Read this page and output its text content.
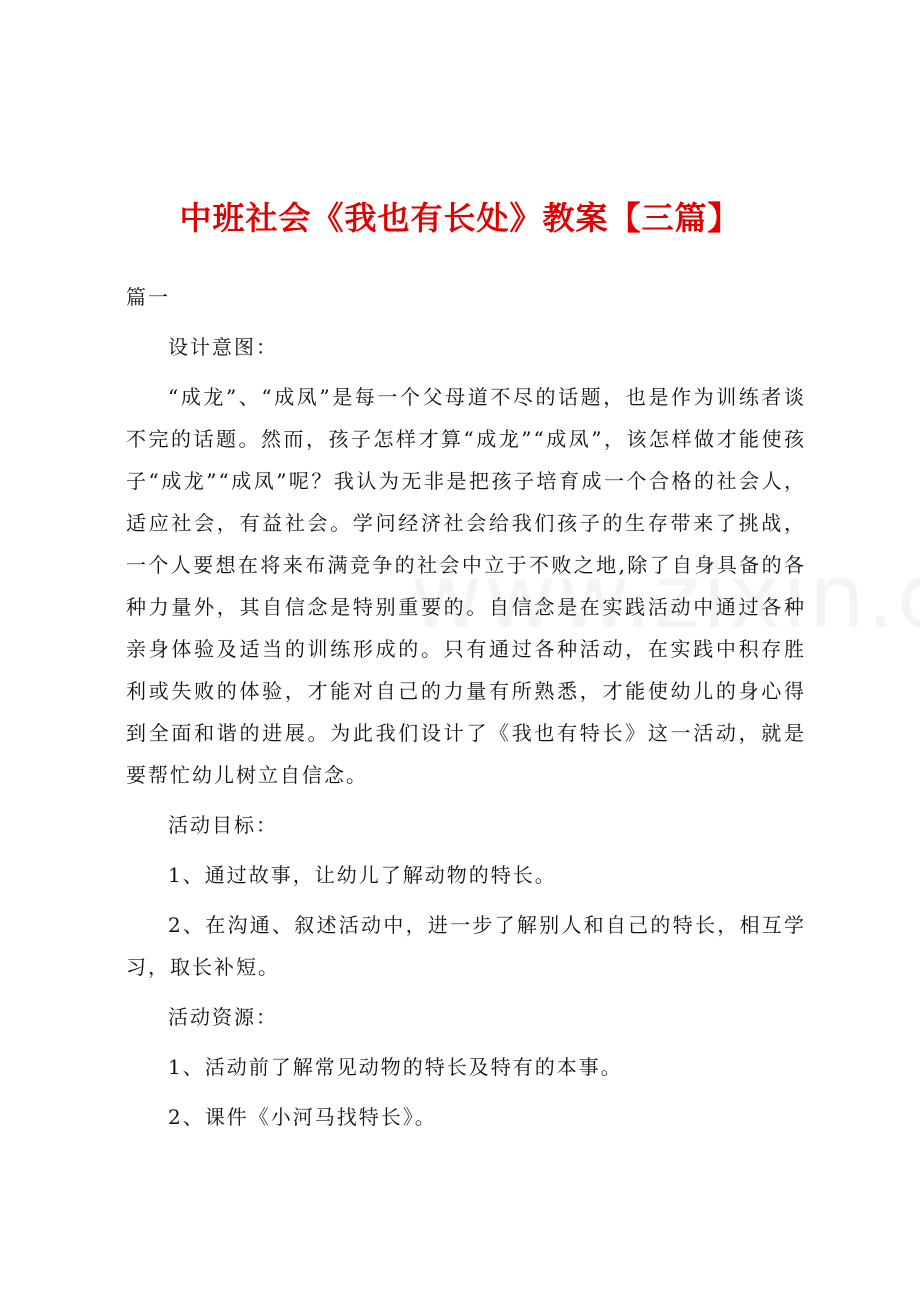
中班社会《我也有长处》教案【三篇】

篇一

设计意图：

“成龙”、“成凤”是每一个父母道不尽的话题，也是作为训练者谈不完的话题。然而，孩子怎样才算“成龙”“成凤”，该怎样做才能使孩子“成龙”“成凤”呢？我认为无非是把孩子培育成一个合格的社会人，适应社会，有益社会。学问经济社会给我们孩子的生存带来了挑战，一个人要想在将来布满竞争的社会中立于不败之地,除了自身具备的各种力量外，其自信念是特别重要的。自信念是在实践活动中通过各种亲身体验及适当的训练形成的。只有通过各种活动，在实践中积存胜利或失败的体验，才能对自己的力量有所熟悉，才能使幼儿的身心得到全面和谐的进展。为此我们设计了《我也有特长》这一活动，就是要帮忙幼儿树立自信念。

活动目标：

1、通过故事，让幼儿了解动物的特长。

2、在沟通、叙述活动中，进一步了解别人和自己的特长，相互学习，取长补短。

活动资源：

1、活动前了解常见动物的特长及特有的本事。

2、课件《小河马找特长》。
